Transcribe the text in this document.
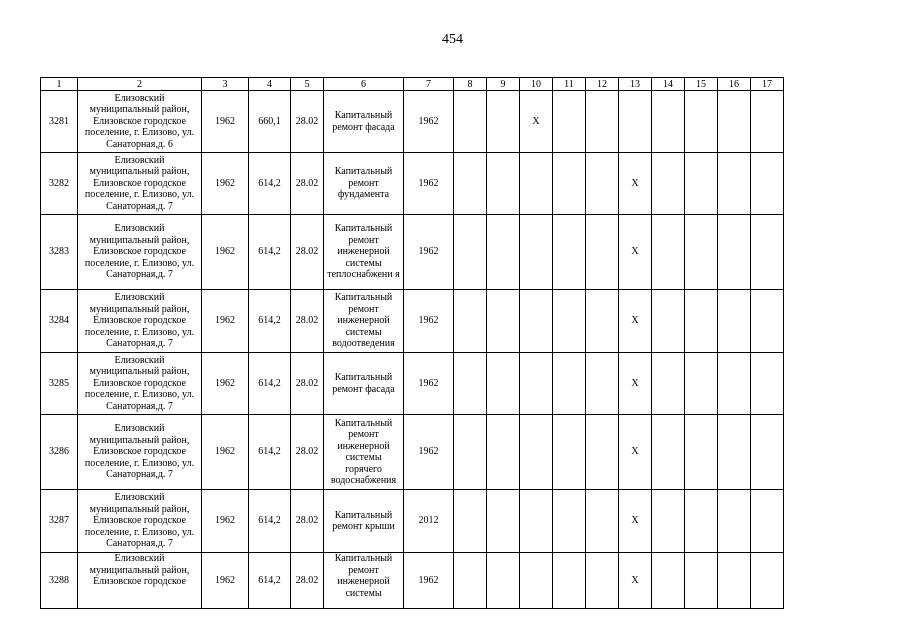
454
1	2	3	4	5	6	7	8	9	10	11	12	13	14	15	16	17
3281	Елизовский муниципальный район, Елизовское городское поселение, г. Елизово, ул. Санаторная,д. 6	1962	660,1	28.02	Капитальный ремонт фасада	1962			X							
3282	Елизовский муниципальный район, Елизовское городское поселение, г. Елизово, ул. Санаторная,д. 7	1962	614,2	28.02	Капитальный ремонт фундамента	1962						X				
3283	Елизовский муниципальный район, Елизовское городское поселение, г. Елизово, ул. Санаторная,д. 7	1962	614,2	28.02	Капитальный ремонт инженерной системы теплоснабжени я	1962						X				
3284	Елизовский муниципальный район, Елизовское городское поселение, г. Елизово, ул. Санаторная,д. 7	1962	614,2	28.02	Капитальный ремонт инженерной системы водоотведения	1962						X				
3285	Елизовский муниципальный район, Елизовское городское поселение, г. Елизово, ул. Санаторная,д. 7	1962	614,2	28.02	Капитальный ремонт фасада	1962						X				
3286	Елизовский муниципальный район, Елизовское городское поселение, г. Елизово, ул. Санаторная,д. 7	1962	614,2	28.02	Капитальный ремонт инженерной системы горячего водоснабжения	1962						X				
3287	Елизовский муниципальный район, Елизовское городское поселение, г. Елизово, ул. Санаторная,д. 7	1962	614,2	28.02	Капитальный ремонт крыши	2012						X				
3288	Елизовский муниципальный район, Елизовское городское	1962	614,2	28.02	Капитальный ремонт инженерной системы	1962						X				
